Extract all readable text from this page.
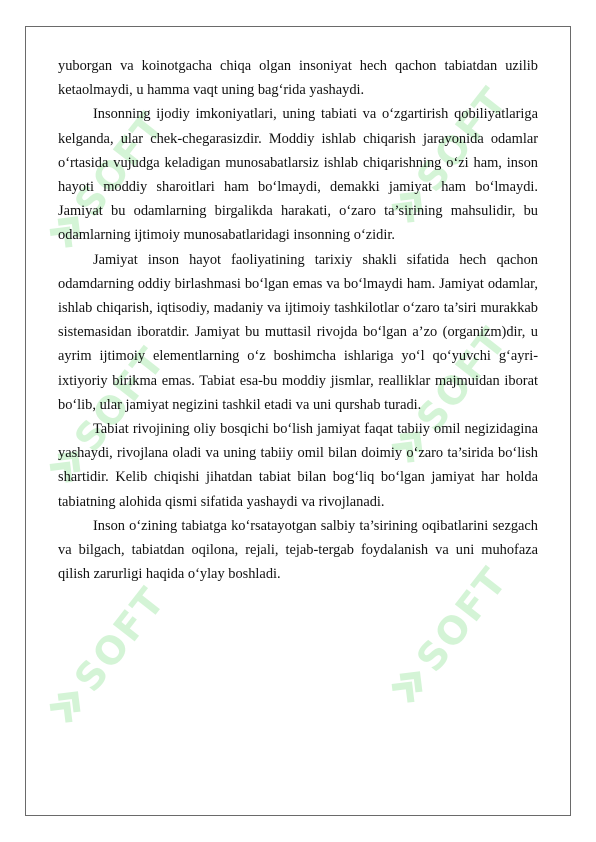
SOFT
SOFT
SOFT
SOFT
SOFT
SOFT

yuborgan va koinotgacha chiqa olgan insoniyat hech qachon tabiatdan uzilib ketaolmaydi, u hamma vaqt uning bag‘rida yashaydi.

Insonning ijodiy imkoniyatlari, uning tabiati va o‘zgartirish qobiliyatlariga kelganda, ular chek-chegarasizdir. Moddiy ishlab chiqarish jarayonida odamlar o‘rtasida vujudga keladigan munosabatlarsiz ishlab chiqarishning o‘zi ham, inson hayoti moddiy sharoitlari ham bo‘lmaydi, demakki jamiyat ham bo‘lmaydi. Jamiyat bu odamlarning birgalikda harakati, o‘zaro ta’sirining mahsulidir, bu odamlarning ijtimoiy munosabatlaridagi insonning o‘zidir.

Jamiyat inson hayot faoliyatining tarixiy shakli sifatida hech qachon odamdarning oddiy birlashmasi bo‘lgan emas va bo‘lmaydi ham. Jamiyat odamlar, ishlab chiqarish, iqtisodiy, madaniy va ijtimoiy tashkilotlar o‘zaro ta’siri murakkab sistemasidan iboratdir. Jamiyat bu muttasil rivojda bo‘lgan a’zo (organizm)dir, u ayrim ijtimoiy elementlarning o‘z boshimcha ishlariga yo‘l qo‘yuvchi g‘ayri-ixtiyoriy birikma emas. Tabiat esa-bu moddiy jismlar, realliklar majmuidan iborat bo‘lib, ular jamiyat negizini tashkil etadi va uni qurshab turadi.

Tabiat rivojining oliy bosqichi bo‘lish jamiyat faqat tabiiy omil negizidagina yashaydi, rivojlana oladi va uning tabiiy omil bilan doimiy o‘zaro ta’sirida bo‘lish shartidir. Kelib chiqishi jihatdan tabiat bilan bog‘liq bo‘lgan jamiyat har holda tabiatning alohida qismi sifatida yashaydi va rivojlanadi.

Inson o‘zining tabiatga ko‘rsatayotgan salbiy ta’sirining oqibatlarini sezgach va bilgach, tabiatdan oqilona, rejali, tejab-tergab foydalanish va uni muhofaza qilish zarurligi haqida o‘ylay boshladi.
